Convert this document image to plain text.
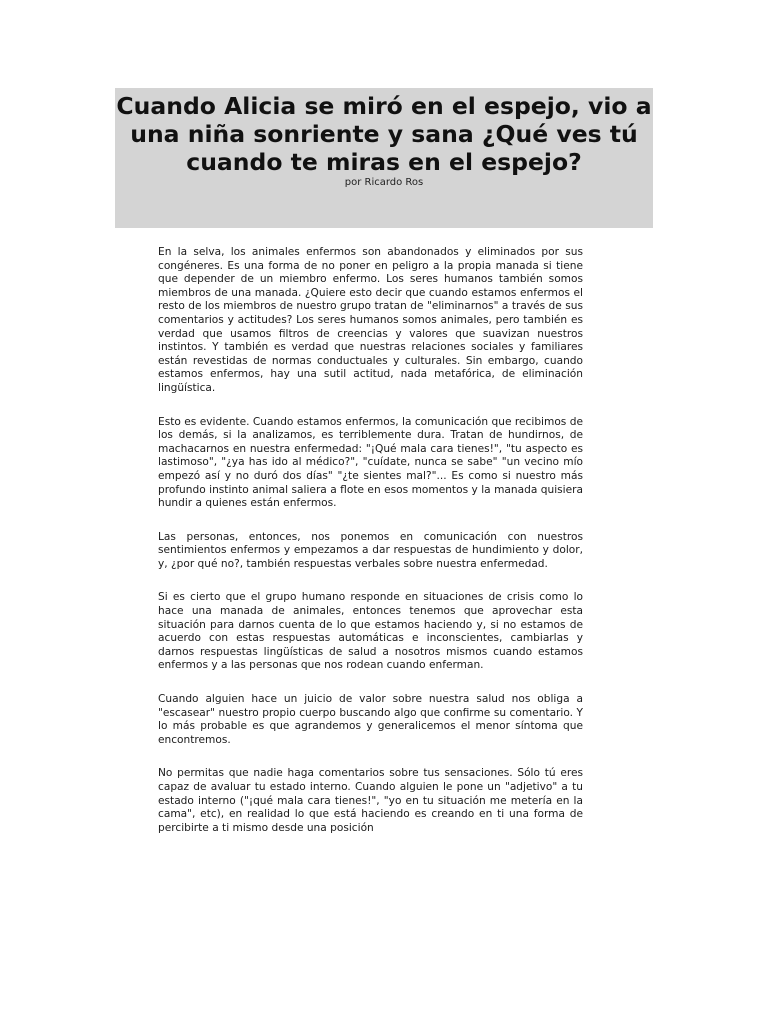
Cuando Alicia se miró en el espejo, vio a una niña sonriente y sana ¿Qué ves tú cuando te miras en el espejo?
por Ricardo Ros

En la selva, los animales enfermos son abandonados y eliminados por sus congéneres. Es una forma de no poner en peligro a la propia manada si tiene que depender de un miembro enfermo. Los seres humanos también somos miembros de una manada. ¿Quiere esto decir que cuando estamos enfermos el resto de los miembros de nuestro grupo tratan de "eliminarnos" a través de sus comentarios y actitudes? Los seres humanos somos animales, pero también es verdad que usamos filtros de creencias y valores que suavizan nuestros instintos. Y también es verdad que nuestras relaciones sociales y familiares están revestidas de normas conductuales y culturales. Sin embargo, cuando estamos enfermos, hay una sutil actitud, nada metafórica, de eliminación lingüística.

Esto es evidente. Cuando estamos enfermos, la comunicación que recibimos de los demás, si la analizamos, es terriblemente dura. Tratan de hundirnos, de machacarnos en nuestra enfermedad: "¡Qué mala cara tienes!", "tu aspecto es lastimoso", "¿ya has ido al médico?", "cuídate, nunca se sabe" "un vecino mío empezó así y no duró dos días" "¿te sientes mal?"... Es como si nuestro más profundo instinto animal saliera a flote en esos momentos y la manada quisiera hundir a quienes están enfermos.

Las personas, entonces, nos ponemos en comunicación con nuestros sentimientos enfermos y empezamos a dar respuestas de hundimiento y dolor, y, ¿por qué no?, también respuestas verbales sobre nuestra enfermedad.

Si es cierto que el grupo humano responde en situaciones de crisis como lo hace una manada de animales, entonces tenemos que aprovechar esta situación para darnos cuenta de lo que estamos haciendo y, si no estamos de acuerdo con estas respuestas automáticas e inconscientes, cambiarlas y darnos respuestas lingüísticas de salud a nosotros mismos cuando estamos enfermos y a las personas que nos rodean cuando enferman.

Cuando alguien hace un juicio de valor sobre nuestra salud nos obliga a "escasear" nuestro propio cuerpo buscando algo que confirme su comentario. Y lo más probable es que agrandemos y generalicemos el menor síntoma que encontremos.

No permitas que nadie haga comentarios sobre tus sensaciones. Sólo tú eres capaz de avaluar tu estado interno. Cuando alguien le pone un "adjetivo" a tu estado interno ("¡qué mala cara tienes!", "yo en tu situación me metería en la cama", etc), en realidad lo que está haciendo es creando en ti una forma de percibirte a ti mismo desde una posición
